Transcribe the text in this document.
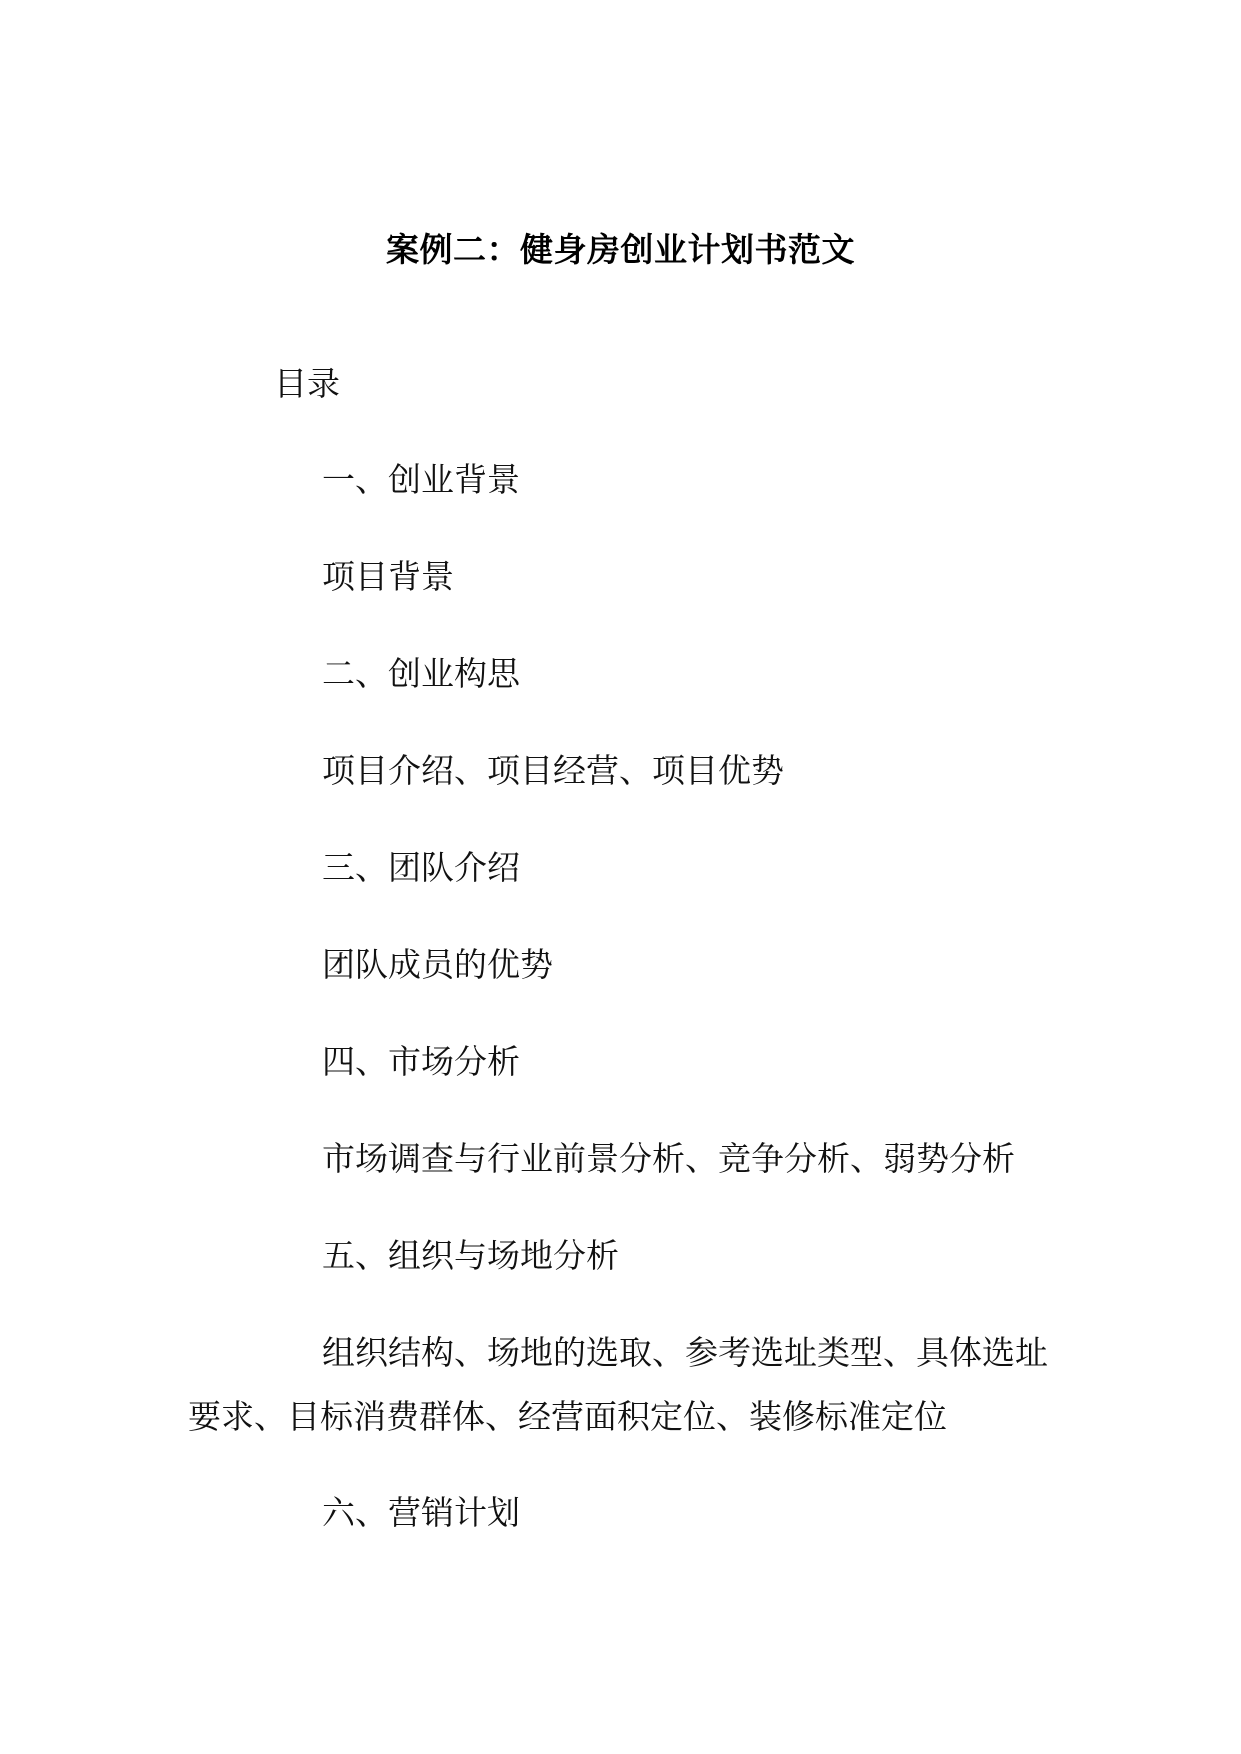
案例二：健身房创业计划书范文
目录
一、创业背景
项目背景
二、创业构思
项目介绍、项目经营、项目优势
三、团队介绍
团队成员的优势
四、市场分析
市场调查与行业前景分析、竞争分析、弱势分析
五、组织与场地分析
组织结构、场地的选取、参考选址类型、具体选址要求、目标消费群体、经营面积定位、装修标准定位
六、营销计划
